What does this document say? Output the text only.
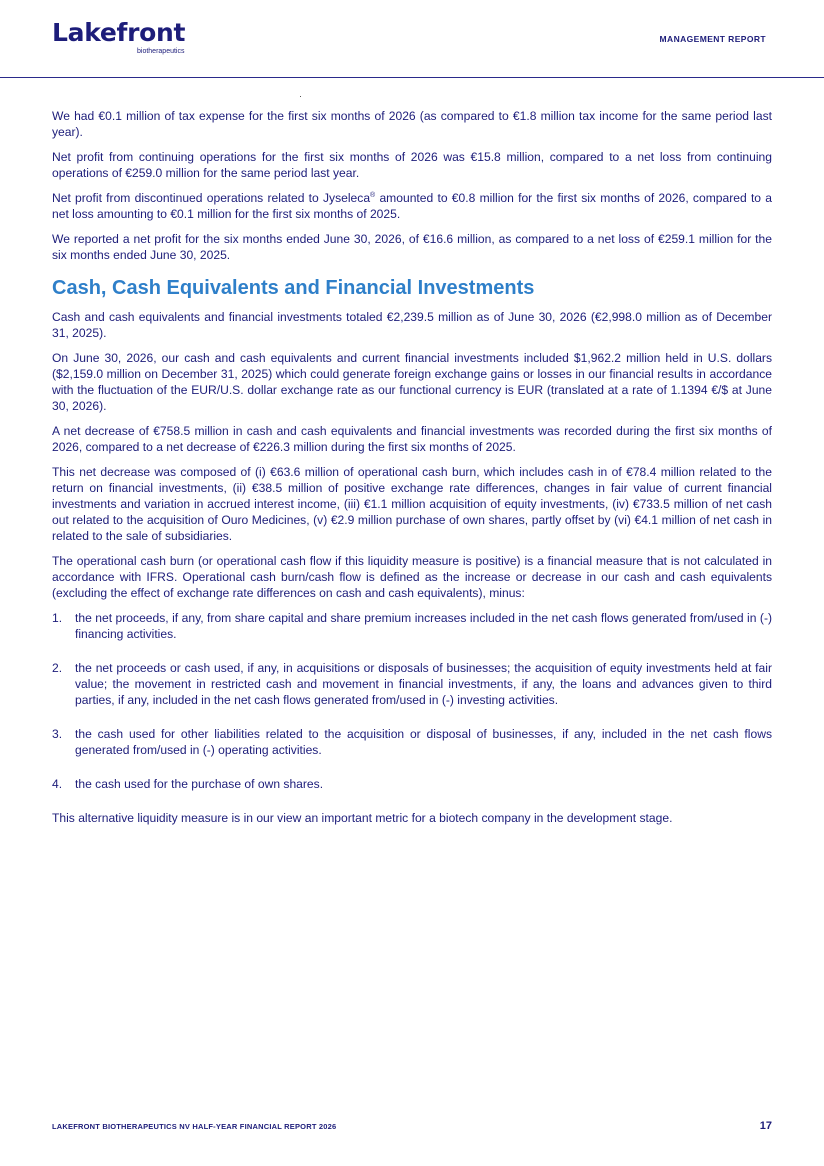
Lakefront
biotherapeutics
MANAGEMENT REPORT

We had €0.1 million of tax expense for the first six months of 2026 (as compared to €1.8 million tax income for the same period last year).

Net profit from continuing operations for the first six months of 2026 was €15.8 million, compared to a net loss from continuing operations of €259.0 million for the same period last year.

Net profit from discontinued operations related to Jyseleca® amounted to €0.8 million for the first six months of 2026, compared to a net loss amounting to €0.1 million for the first six months of 2025.

We reported a net profit for the six months ended June 30, 2026, of €16.6 million, as compared to a net loss of €259.1 million for the six months ended June 30, 2025.

Cash, Cash Equivalents and Financial Investments

Cash and cash equivalents and financial investments totaled €2,239.5 million as of June 30, 2026 (€2,998.0 million as of December 31, 2025).

On June 30, 2026, our cash and cash equivalents and current financial investments included $1,962.2 million held in U.S. dollars ($2,159.0 million on December 31, 2025) which could generate foreign exchange gains or losses in our financial results in accordance with the fluctuation of the EUR/U.S. dollar exchange rate as our functional currency is EUR (translated at a rate of 1.1394 €/$ at June 30, 2026).

A net decrease of €758.5 million in cash and cash equivalents and financial investments was recorded during the first six months of 2026, compared to a net decrease of €226.3 million during the first six months of 2025.

This net decrease was composed of (i) €63.6 million of operational cash burn, which includes cash in of €78.4 million related to the return on financial investments, (ii) €38.5 million of positive exchange rate differences, changes in fair value of current financial investments and variation in accrued interest income, (iii) €1.1 million acquisition of equity investments, (iv) €733.5 million of net cash out related to the acquisition of Ouro Medicines, (v) €2.9 million purchase of own shares, partly offset by (vi) €4.1 million of net cash in related to the sale of subsidiaries.

The operational cash burn (or operational cash flow if this liquidity measure is positive) is a financial measure that is not calculated in accordance with IFRS. Operational cash burn/cash flow is defined as the increase or decrease in our cash and cash equivalents (excluding the effect of exchange rate differences on cash and cash equivalents), minus:

1. the net proceeds, if any, from share capital and share premium increases included in the net cash flows generated from/used in (-) financing activities.
2. the net proceeds or cash used, if any, in acquisitions or disposals of businesses; the acquisition of equity investments held at fair value; the movement in restricted cash and movement in financial investments, if any, the loans and advances given to third parties, if any, included in the net cash flows generated from/used in (-) investing activities.
3. the cash used for other liabilities related to the acquisition or disposal of businesses, if any, included in the net cash flows generated from/used in (-) operating activities.
4. the cash used for the purchase of own shares.

This alternative liquidity measure is in our view an important metric for a biotech company in the development stage.

LAKEFRONT BIOTHERAPEUTICS NV HALF-YEAR FINANCIAL REPORT 2026	17
